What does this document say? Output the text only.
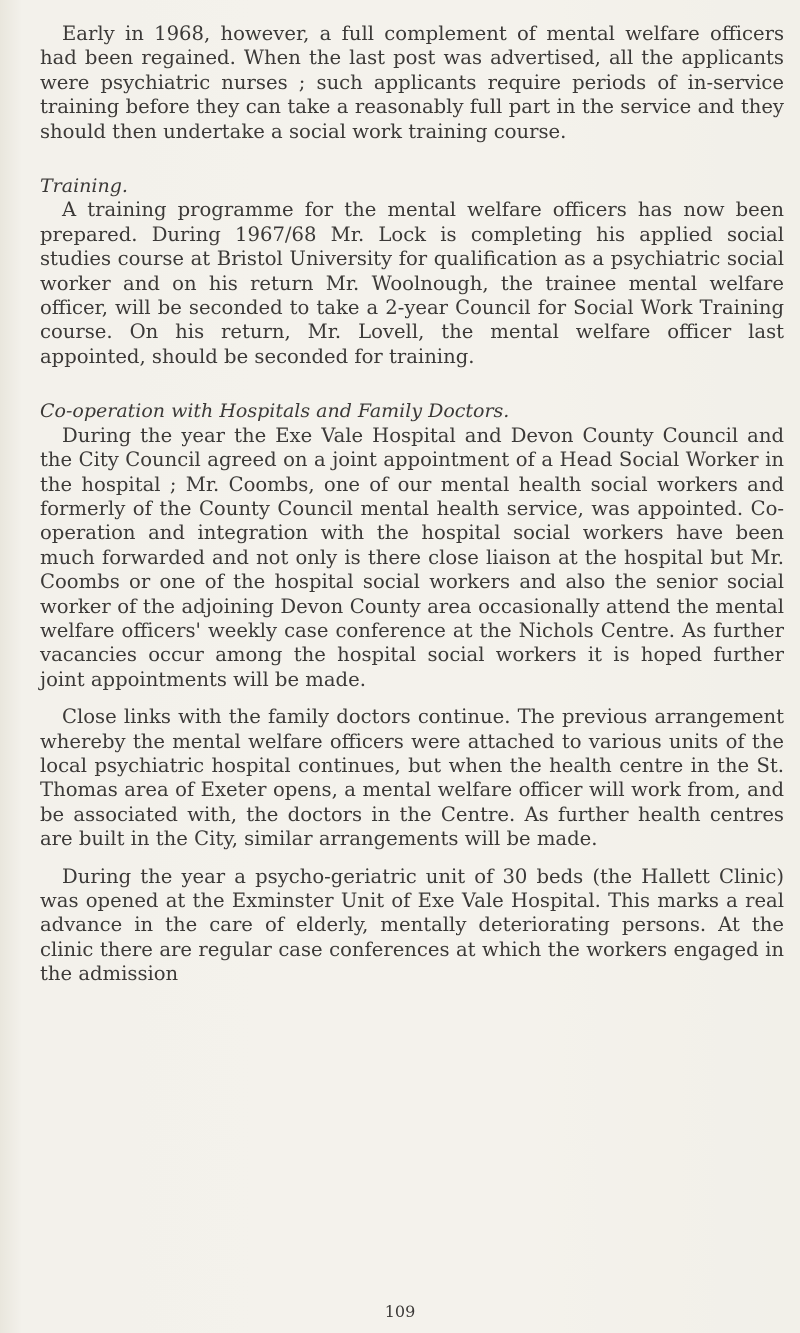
Early in 1968, however, a full complement of mental welfare officers had been regained. When the last post was advertised, all the applicants were psychiatric nurses ; such applicants require periods of in-service training before they can take a reasonably full part in the service and they should then undertake a social work training course.

Training.

A training programme for the mental welfare officers has now been prepared. During 1967/68 Mr. Lock is completing his applied social studies course at Bristol University for qualification as a psychiatric social worker and on his return Mr. Woolnough, the trainee mental welfare officer, will be seconded to take a 2-year Council for Social Work Training course. On his return, Mr. Lovell, the mental welfare officer last appointed, should be seconded for training.

Co-operation with Hospitals and Family Doctors.

During the year the Exe Vale Hospital and Devon County Council and the City Council agreed on a joint appointment of a Head Social Worker in the hospital ; Mr. Coombs, one of our mental health social workers and formerly of the County Council mental health service, was appointed. Co-operation and integration with the hospital social workers have been much forwarded and not only is there close liaison at the hospital but Mr. Coombs or one of the hospital social workers and also the senior social worker of the adjoining Devon County area occasionally attend the mental welfare officers' weekly case conference at the Nichols Centre. As further vacancies occur among the hospital social workers it is hoped further joint appointments will be made.

Close links with the family doctors continue. The previous arrangement whereby the mental welfare officers were attached to various units of the local psychiatric hospital continues, but when the health centre in the St. Thomas area of Exeter opens, a mental welfare officer will work from, and be associated with, the doctors in the Centre. As further health centres are built in the City, similar arrangements will be made.

During the year a psycho-geriatric unit of 30 beds (the Hallett Clinic) was opened at the Exminster Unit of Exe Vale Hospital. This marks a real advance in the care of elderly, mentally deteriorating persons. At the clinic there are regular case conferences at which the workers engaged in the admission

109
